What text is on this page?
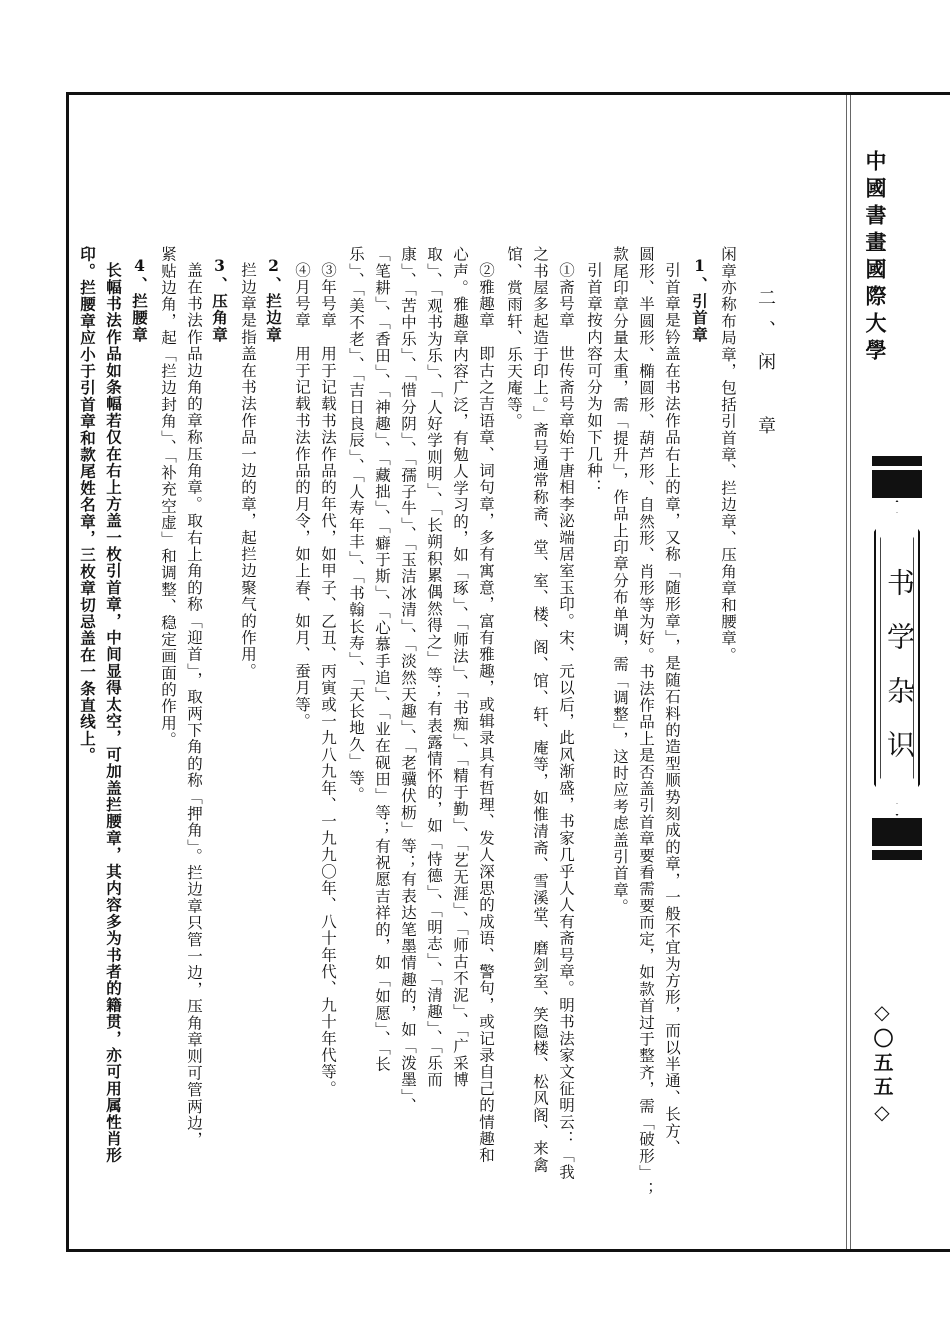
中國書畫國際大學
书学杂识
◇〇五五◇
二、闲　章
闲章亦称布局章，包括引首章、拦边章、压角章和腰章。
1、引首章
引首章是钤盖在书法作品右上的章，又称「随形章」，是随石料的造型顺势刻成的章，一般不宜为方形，而以半通、长方、
圆形、半圆形、椭圆形、葫芦形、自然形、肖形等为好。书法作品上是否盖引首章要看需要而定，如款首过于整齐，需「破形」；
款尾印章分量太重，需「提升」，作品上印章分布单调，需「调整」，这时应考虑盖引首章。
引首章按内容可分为如下几种：
①斋号章　世传斋号章始于唐相李泌端居室玉印。宋、元以后，此风渐盛，书家几乎人人有斋号章。明书法家文征明云：「我
之书屋多起造于印上。」斋号通常称斋、堂、室、楼、阁、馆、轩、庵等，如惟清斋、雪溪堂、磨剑室、笑隐楼、松风阁、来禽
馆、赏雨轩、乐天庵等。
②雅趣章　即古之吉语章、词句章，多有寓意，富有雅趣，或辑录具有哲理、发人深思的成语、警句，或记录自己的情趣和
心声。雅趣章内容广泛，有勉人学习的，如「琢」、「师法」、「书痴」、「精于勤」、「艺无涯」、「师古不泥」、「广采博
取」、「观书为乐」、「人好学则明」、「长朔积累偶然得之」等；有表露情怀的，如「恃德」、「明志」、「清趣」、「乐而
康」、「苦中乐」、「惜分阴」、「孺子牛」、「玉洁冰清」、「淡然天趣」、「老骥伏枥」等；有表达笔墨情趣的，如「泼墨」、
「笔耕」、「香田」、「神趣」、「藏拙」、「癖于斯」、「心慕手追」、「业在砚田」等；有祝愿吉祥的，如「如愿」、「长
乐」、「美不老」、「吉日良辰」、「人寿年丰」、「书翰长寿」、「天长地久」等。
③年号章　用于记载书法作品的年代，如甲子、乙丑、丙寅或一九八九年、一九九〇年、八十年代、九十年代等。
④月号章　用于记载书法作品的月令，如上春、如月、蚕月等。
2、拦边章
拦边章是指盖在书法作品一边的章，起拦边聚气的作用。
3、压角章
盖在书法作品边角的章称压角章。取右上角的称「迎首」，取两下角的称「押角」。拦边章只管一边，压角章则可管两边，
紧贴边角，起「拦边封角」、「补充空虚」和调整、稳定画面的作用。
4、拦腰章
长幅书法作品如条幅若仅在右上方盖一枚引首章，中间显得太空，可加盖拦腰章，其内容多为书者的籍贯，亦可用属性肖形
印。拦腰章应小于引首章和款尾姓名章，三枚章切忌盖在一条直线上。
